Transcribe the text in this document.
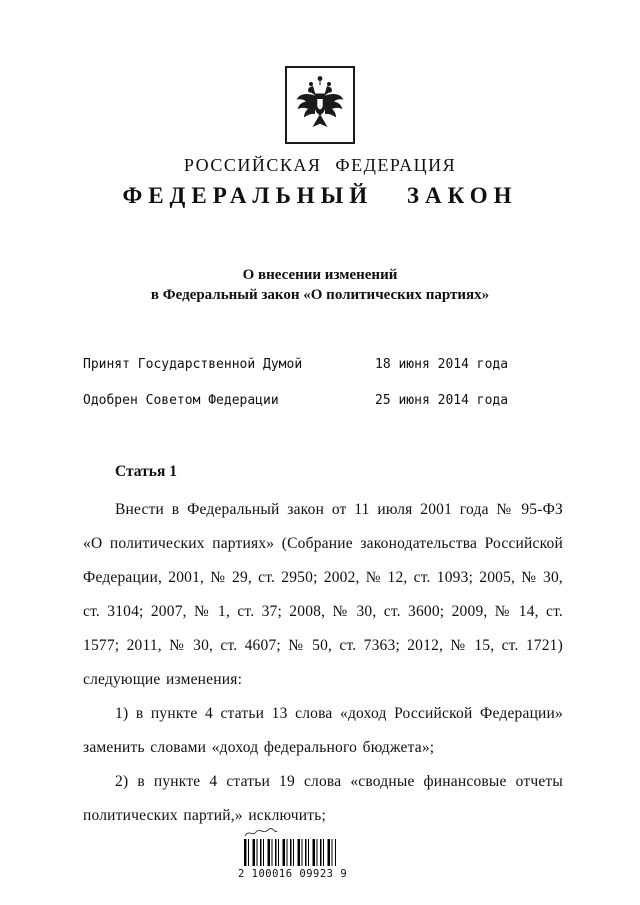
РОССИЙСКАЯ ФЕДЕРАЦИЯ
ФЕДЕРАЛЬНЫЙ ЗАКОН
О внесении изменений
в Федеральный закон «О политических партиях»
Принят Государственной Думой	18 июня 2014 года
Одобрен Советом Федерации	25 июня 2014 года
Статья 1

Внести в Федеральный закон от 11 июля 2001 года № 95-ФЗ «О политических партиях» (Собрание законодательства Российской Федерации, 2001, № 29, ст. 2950; 2002, № 12, ст. 1093; 2005, № 30, ст. 3104; 2007, № 1, ст. 37; 2008, № 30, ст. 3600; 2009, № 14, ст. 1577; 2011, № 30, ст. 4607; № 50, ст. 7363; 2012, № 15, ст. 1721) следующие изменения:

1) в пункте 4 статьи 13 слова «доход Российской Федерации» заменить словами «доход федерального бюджета»;

2) в пункте 4 статьи 19 слова «сводные финансовые отчеты политических партий,» исключить;

2 100016 09923 9
